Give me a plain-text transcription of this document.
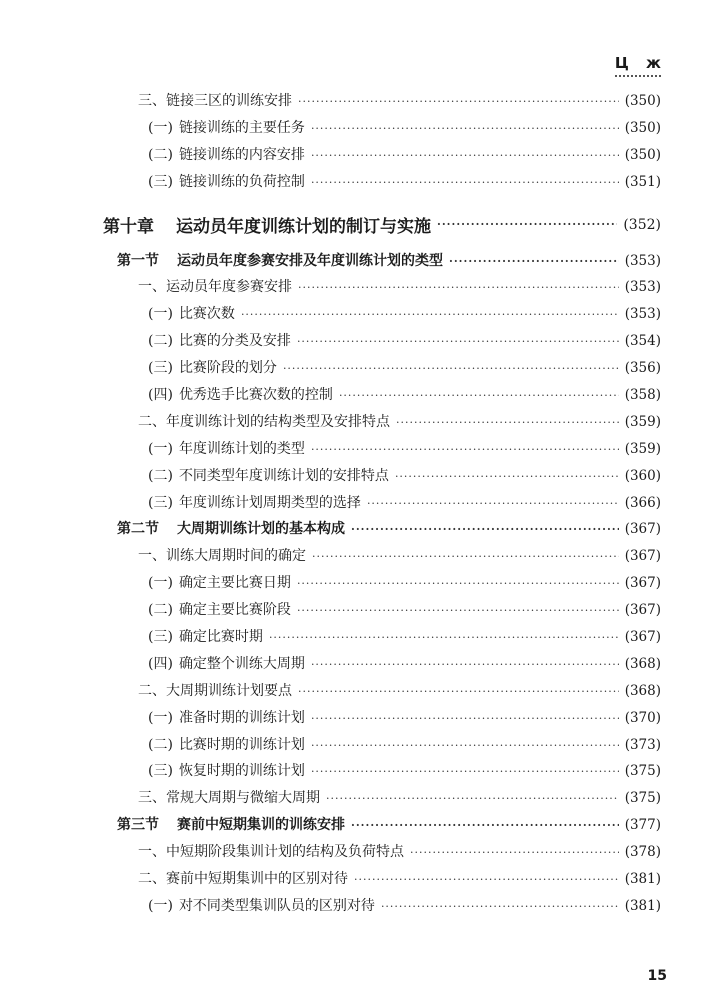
Ц ж
三、链接三区的训练安排 ·····	(350)
(一) 链接训练的主要任务 ·····	(350)
(二) 链接训练的内容安排 ·····	(350)
(三) 链接训练的负荷控制 ·····	(351)
第十章 运动员年度训练计划的制订与实施 ·····	(352)
第一节 运动员年度参赛安排及年度训练计划的类型 ·····	(353)
一、运动员年度参赛安排 ·····	(353)
(一) 比赛次数 ·····	(353)
(二) 比赛的分类及安排 ·····	(354)
(三) 比赛阶段的划分 ·····	(356)
(四) 优秀选手比赛次数的控制 ·····	(358)
二、年度训练计划的结构类型及安排特点 ·····	(359)
(一) 年度训练计划的类型 ·····	(359)
(二) 不同类型年度训练计划的安排特点 ·····	(360)
(三) 年度训练计划周期类型的选择 ·····	(366)
第二节 大周期训练计划的基本构成 ·····	(367)
一、训练大周期时间的确定 ·····	(367)
(一) 确定主要比赛日期 ·····	(367)
(二) 确定主要比赛阶段 ·····	(367)
(三) 确定比赛时期 ·····	(367)
(四) 确定整个训练大周期 ·····	(368)
二、大周期训练计划要点 ·····	(368)
(一) 准备时期的训练计划 ·····	(370)
(二) 比赛时期的训练计划 ·····	(373)
(三) 恢复时期的训练计划 ·····	(375)
三、常规大周期与微缩大周期 ·····	(375)
第三节 赛前中短期集训的训练安排 ·····	(377)
一、中短期阶段集训计划的结构及负荷特点 ·····	(378)
二、赛前中短期集训中的区别对待 ·····	(381)
(一) 对不同类型集训队员的区别对待 ·····	(381)
15
